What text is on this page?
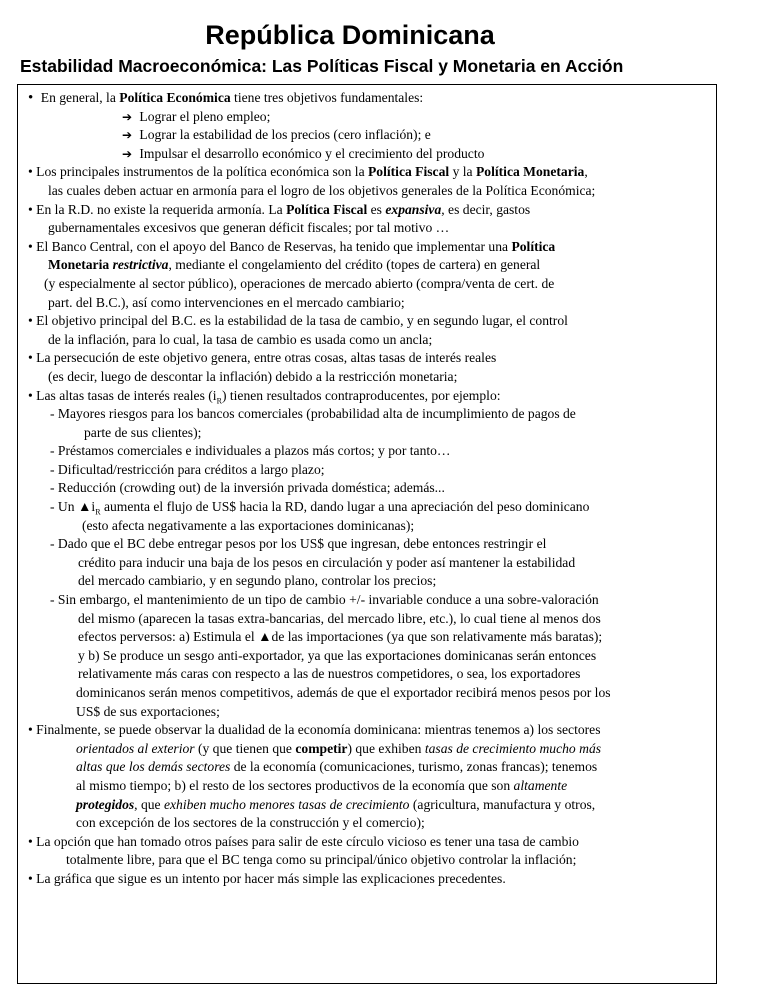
República Dominicana
Estabilidad Macroeconómica: Las Políticas Fiscal y Monetaria en Acción
• En general, la Política Económica tiene tres objetivos fundamentales:
➔ Lograr el pleno empleo;
➔ Lograr la estabilidad de los precios (cero inflación); e
➔ Impulsar el desarrollo económico y el crecimiento del producto
• Los principales instrumentos de la política económica son la Política Fiscal y la Política Monetaria,
las cuales deben actuar en armonía para el logro de los objetivos generales de la Política Económica;
• En la R.D. no existe la requerida armonía. La Política Fiscal es expansiva, es decir, gastos
gubernamentales excesivos que generan déficit fiscales; por tal motivo …
• El Banco Central, con el apoyo del Banco de Reservas, ha tenido que implementar una Política
Monetaria restrictiva, mediante el congelamiento del crédito (topes de cartera) en general
(y especialmente al sector público), operaciones de mercado abierto (compra/venta de cert. de
part. del B.C.), así como intervenciones en el mercado cambiario;
• El objetivo principal del B.C. es la estabilidad de la tasa de cambio, y en segundo lugar, el control
de la inflación, para lo cual, la tasa de cambio es usada como un ancla;
• La persecución de este objetivo genera, entre otras cosas, altas tasas de interés reales
(es decir, luego de descontar la inflación) debido a la restricción monetaria;
• Las altas tasas de interés reales $(i_R)$ tienen resultados contraproducentes, por ejemplo:
- Mayores riesgos para los bancos comerciales (probabilidad alta de incumplimiento de pagos de
parte de sus clientes);
- Préstamos comerciales e individuales a plazos más cortos; y por tanto…
- Dificultad/restricción para créditos a largo plazo;
- Reducción (crowding out) de la inversión privada doméstica; además...
- Un $▲i_R$ aumenta el flujo de US$ hacia la RD, dando lugar a una apreciación del peso dominicano
(esto afecta negativamente a las exportaciones dominicanas);
- Dado que el BC debe entregar pesos por los US$ que ingresan, debe entonces restringir el
crédito para inducir una baja de los pesos en circulación y poder así mantener la estabilidad
del mercado cambiario, y en segundo plano, controlar los precios;
- Sin embargo, el mantenimiento de un tipo de cambio +/- invariable conduce a una sobre-valoración
del mismo (aparecen la tasas extra-bancarias, del mercado libre, etc.), lo cual tiene al menos dos
efectos perversos: a) Estimula el ▲de las importaciones (ya que son relativamente más baratas);
y b) Se produce un sesgo anti-exportador, ya que las exportaciones dominicanas serán entonces
relativamente más caras con respecto a las de nuestros competidores, o sea, los exportadores
dominicanos serán menos competitivos, además de que el exportador recibirá menos pesos por los
US$ de sus exportaciones;
• Finalmente, se puede observar la dualidad de la economía dominicana: mientras tenemos a) los sectores
orientados al exterior (y que tienen que competir) que exhiben tasas de crecimiento mucho más
altas que los demás sectores de la economía (comunicaciones, turismo, zonas francas); tenemos
al mismo tiempo; b) el resto de los sectores productivos de la economía que son altamente
protegidos, que exhiben mucho menores tasas de crecimiento (agricultura, manufactura y otros,
con excepción de los sectores de la construcción y el comercio);
• La opción que han tomado otros países para salir de este círculo vicioso es tener una tasa de cambio
totalmente libre, para que el BC tenga como su principal/único objetivo controlar la inflación;
• La gráfica que sigue es un intento por hacer más simple las explicaciones precedentes.
